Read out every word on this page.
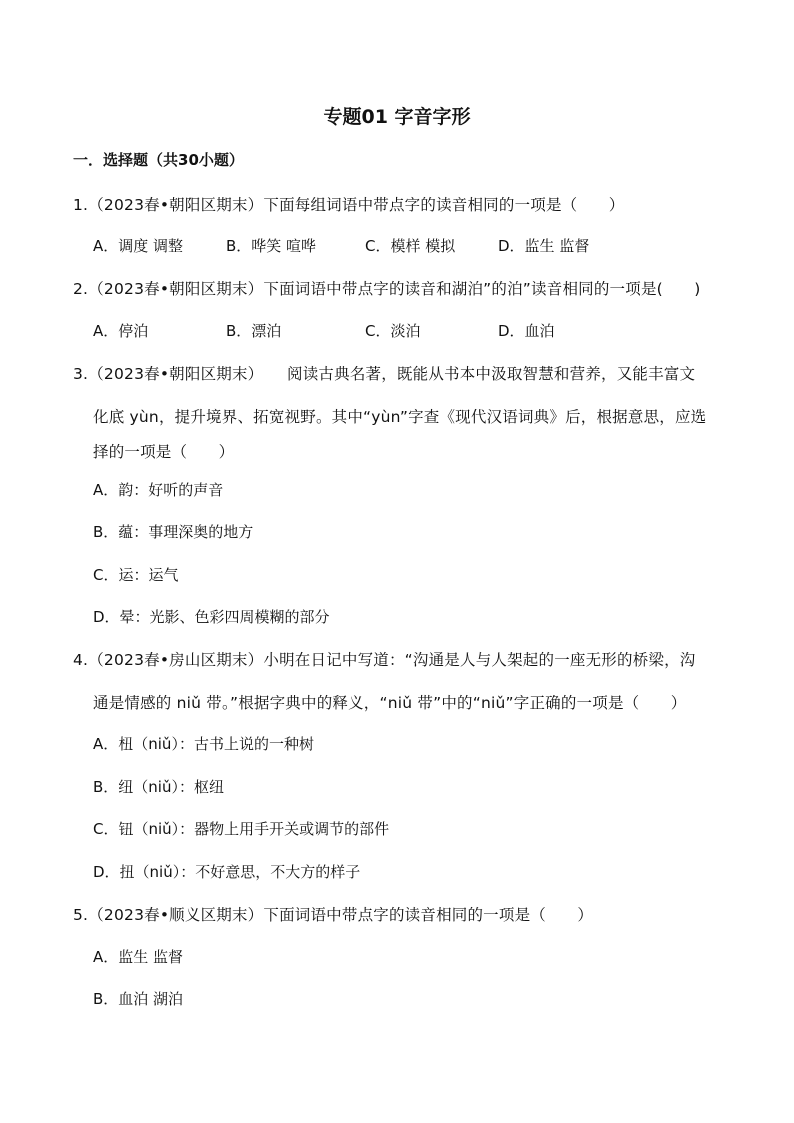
专题01 字音字形
一．选择题（共30小题）
1.（2023春•朝阳区期末）下面每组词语中带点字的读音相同的一项是（　　）
A．调度 调整	B．哗笑 喧哗	C．模样 模拟	D．监生 监督
2.（2023春•朝阳区期末）下面词语中带点字的读音和湖泊”的泊”读音相同的一项是(　　)
A．停泊	B．漂泊	C．淡泊	D．血泊
3.（2023春•朝阳区期末）　　阅读古典名著，既能从书本中汲取智慧和营养，又能丰富文
化底 yùn，提升境界、拓宽视野。其中“yùn”字查《现代汉语词典》后，根据意思，应选
择的一项是（　　）
A．韵：好听的声音
B．蕴：事理深奥的地方
C．运：运气
D．晕：光影、色彩四周模糊的部分
4.（2023春•房山区期末）小明在日记中写道：“沟通是人与人架起的一座无形的桥梁，沟
通是情感的 niǔ 带。”根据字典中的释义，“niǔ 带”中的“niǔ”字正确的一项是（　　）
A．杻（niǔ）：古书上说的一种树
B．纽（niǔ）：枢纽
C．钮（niǔ）：器物上用手开关或调节的部件
D．扭（niǔ）：不好意思，不大方的样子
5.（2023春•顺义区期末）下面词语中带点字的读音相同的一项是（　　）
A．监生 监督
B．血泊 湖泊
